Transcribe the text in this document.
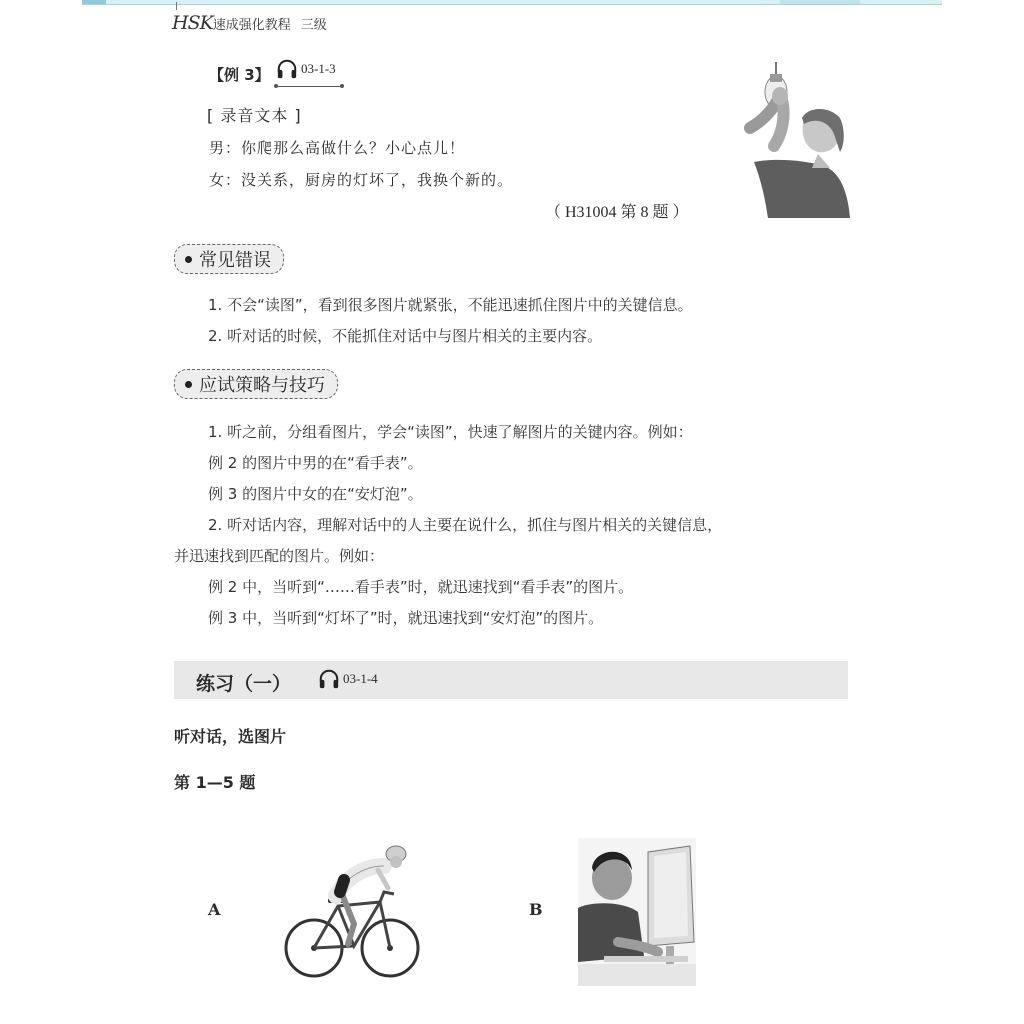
HSK速成强化教程 三级
【例 3】 03-1-3
[ 录音文本 ]
男：你爬那么高做什么？小心点儿！
女：没关系，厨房的灯坏了，我换个新的。
（ H31004 第 8 题 ）
常见错误
1. 不会“读图”，看到很多图片就紧张，不能迅速抓住图片中的关键信息。
2. 听对话的时候，不能抓住对话中与图片相关的主要内容。
应试策略与技巧
1. 听之前，分组看图片，学会“读图”，快速了解图片的关键内容。例如：
例 2 的图片中男的在“看手表”。
例 3 的图片中女的在“安灯泡”。
2. 听对话内容，理解对话中的人主要在说什么，抓住与图片相关的关键信息，
并迅速找到匹配的图片。例如：
例 2 中，当听到“……看手表”时，就迅速找到“看手表”的图片。
例 3 中，当听到“灯坏了”时，就迅速找到“安灯泡”的图片。
练习（一）	03-1-4
听对话，选图片
第 1—5 题
A	B
